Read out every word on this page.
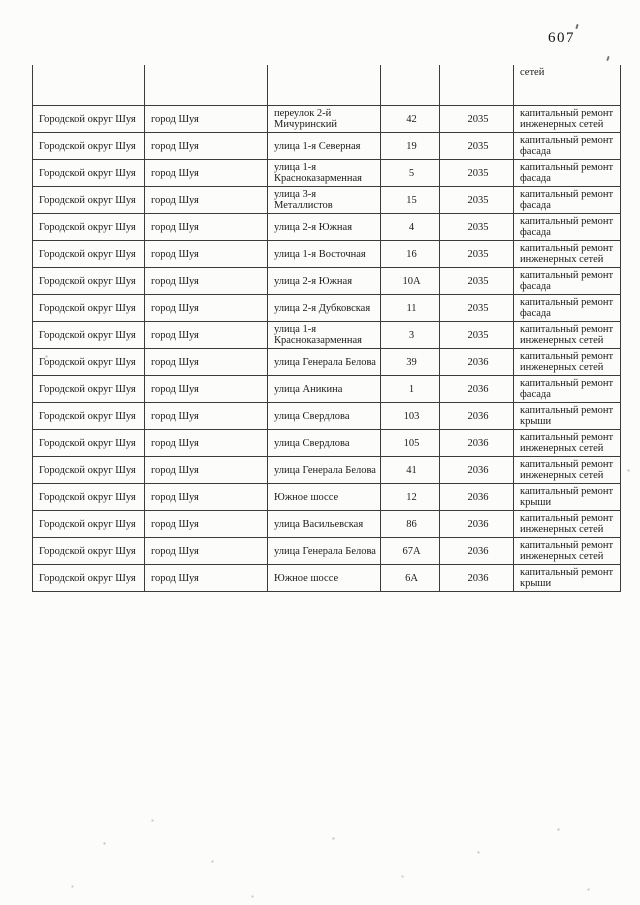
607
					сетей
Городской округ Шуя	город Шуя	переулок 2-й Мичуринский	42	2035	капитальный ремонт инженерных сетей
Городской округ Шуя	город Шуя	улица 1-я Северная	19	2035	капитальный ремонт фасада
Городской округ Шуя	город Шуя	улица 1-я Красноказарменная	5	2035	капитальный ремонт фасада
Городской округ Шуя	город Шуя	улица 3-я Металлистов	15	2035	капитальный ремонт фасада
Городской округ Шуя	город Шуя	улица 2-я Южная	4	2035	капитальный ремонт фасада
Городской округ Шуя	город Шуя	улица 1-я Восточная	16	2035	капитальный ремонт инженерных сетей
Городской округ Шуя	город Шуя	улица 2-я Южная	10А	2035	капитальный ремонт фасада
Городской округ Шуя	город Шуя	улица 2-я Дубковская	11	2035	капитальный ремонт фасада
Городской округ Шуя	город Шуя	улица 1-я Красноказарменная	3	2035	капитальный ремонт инженерных сетей
Городской округ Шуя	город Шуя	улица Генерала Белова	39	2036	капитальный ремонт инженерных сетей
Городской округ Шуя	город Шуя	улица Аникина	1	2036	капитальный ремонт фасада
Городской округ Шуя	город Шуя	улица Свердлова	103	2036	капитальный ремонт крыши
Городской округ Шуя	город Шуя	улица Свердлова	105	2036	капитальный ремонт инженерных сетей
Городской округ Шуя	город Шуя	улица Генерала Белова	41	2036	капитальный ремонт инженерных сетей
Городской округ Шуя	город Шуя	Южное шоссе	12	2036	капитальный ремонт крыши
Городской округ Шуя	город Шуя	улица Васильевская	86	2036	капитальный ремонт инженерных сетей
Городской округ Шуя	город Шуя	улица Генерала Белова	67А	2036	капитальный ремонт инженерных сетей
Городской округ Шуя	город Шуя	Южное шоссе	6А	2036	капитальный ремонт крыши
